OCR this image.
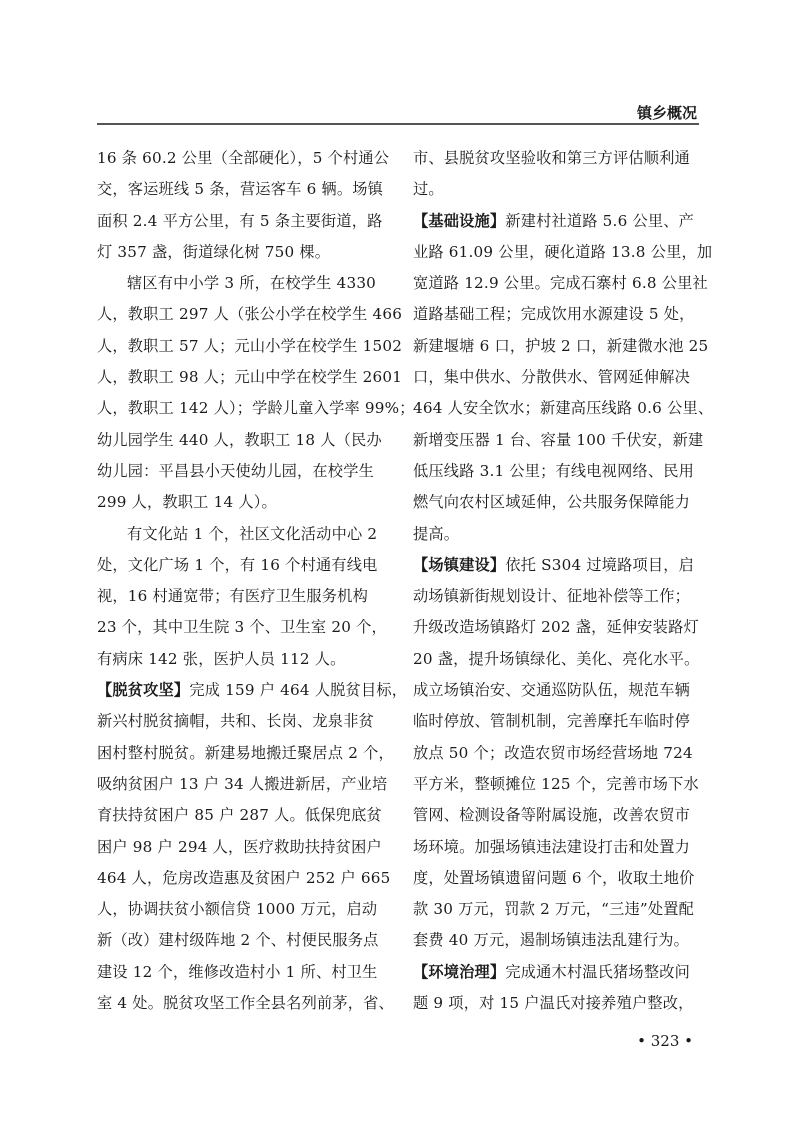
镇乡概况
16 条 60.2 公里（全部硬化），5 个村通公
交，客运班线 5 条，营运客车 6 辆。场镇
面积 2.4 平方公里，有 5 条主要街道，路
灯 357 盏，街道绿化树 750 棵。
辖区有中小学 3 所，在校学生 4330
人，教职工 297 人（张公小学在校学生 466
人，教职工 57 人；元山小学在校学生 1502
人，教职工 98 人；元山中学在校学生 2601
人，教职工 142 人）；学龄儿童入学率 99%；
幼儿园学生 440 人，教职工 18 人（民办
幼儿园：平昌县小天使幼儿园，在校学生
299 人，教职工 14 人）。
有文化站 1 个，社区文化活动中心 2
处，文化广场 1 个，有 16 个村通有线电
视，16 村通宽带；有医疗卫生服务机构
23 个，其中卫生院 3 个、卫生室 20 个，
有病床 142 张，医护人员 112 人。
【脱贫攻坚】完成 159 户 464 人脱贫目标，
新兴村脱贫摘帽，共和、长岗、龙泉非贫
困村整村脱贫。新建易地搬迁聚居点 2 个，
吸纳贫困户 13 户 34 人搬进新居，产业培
育扶持贫困户 85 户 287 人。低保兜底贫
困户 98 户 294 人，医疗救助扶持贫困户
464 人，危房改造惠及贫困户 252 户 665
人，协调扶贫小额信贷 1000 万元，启动
新（改）建村级阵地 2 个、村便民服务点
建设 12 个，维修改造村小 1 所、村卫生
室 4 处。脱贫攻坚工作全县名列前茅，省、
市、县脱贫攻坚验收和第三方评估顺利通
过。
【基础设施】新建村社道路 5.6 公里、产
业路 61.09 公里，硬化道路 13.8 公里，加
宽道路 12.9 公里。完成石寨村 6.8 公里社
道路基础工程；完成饮用水源建设 5 处，
新建堰塘 6 口，护坡 2 口，新建微水池 25
口，集中供水、分散供水、管网延伸解决
464 人安全饮水；新建高压线路 0.6 公里、
新增变压器 1 台、容量 100 千伏安，新建
低压线路 3.1 公里；有线电视网络、民用
燃气向农村区域延伸，公共服务保障能力
提高。
【场镇建设】依托 S304 过境路项目，启
动场镇新街规划设计、征地补偿等工作；
升级改造场镇路灯 202 盏，延伸安装路灯
20 盏，提升场镇绿化、美化、亮化水平。
成立场镇治安、交通巡防队伍，规范车辆
临时停放、管制机制，完善摩托车临时停
放点 50 个；改造农贸市场经营场地 724
平方米，整顿摊位 125 个，完善市场下水
管网、检测设备等附属设施，改善农贸市
场环境。加强场镇违法建设打击和处置力
度，处置场镇遗留问题 6 个，收取土地价
款 30 万元，罚款 2 万元，“三违”处置配
套费 40 万元，遏制场镇违法乱建行为。
【环境治理】完成通木村温氏猪场整改问
题 9 项，对 15 户温氏对接养殖户整改，
• 323 •
